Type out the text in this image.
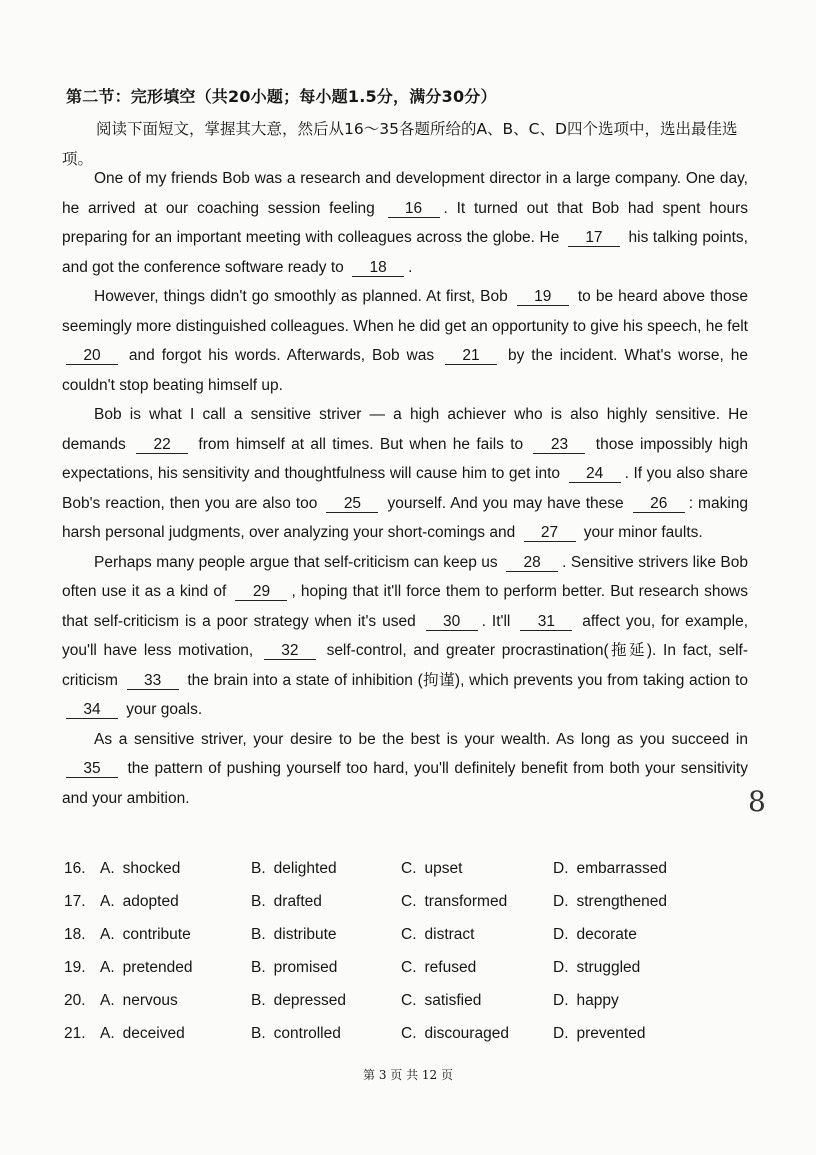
第二节：完形填空（共20小题；每小题1.5分，满分30分）
阅读下面短文，掌握其大意，然后从16～35各题所给的A、B、C、D四个选项中，选出最佳选项。

One of my friends Bob was a research and development director in a large company. One day, he arrived at our coaching session feeling 16 . It turned out that Bob had spent hours preparing for an important meeting with colleagues across the globe. He 17 his talking points, and got the conference software ready to 18 .

However, things didn't go smoothly as planned. At first, Bob 19 to be heard above those seemingly more distinguished colleagues. When he did get an opportunity to give his speech, he felt 20 and forgot his words. Afterwards, Bob was 21 by the incident. What's worse, he couldn't stop beating himself up.

Bob is what I call a sensitive striver — a high achiever who is also highly sensitive. He demands 22 from himself at all times. But when he fails to 23 those impossibly high expectations, his sensitivity and thoughtfulness will cause him to get into 24 . If you also share Bob's reaction, then you are also too 25 yourself. And you may have these 26 : making harsh personal judgments, over analyzing your short-comings and 27 your minor faults.

Perhaps many people argue that self-criticism can keep us 28 . Sensitive strivers like Bob often use it as a kind of 29 , hoping that it'll force them to perform better. But research shows that self-criticism is a poor strategy when it's used 30 . It'll 31 affect you, for example, you'll have less motivation, 32 self-control, and greater procrastination(拖延). In fact, self-criticism 33 the brain into a state of inhibition (拘谨), which prevents you from taking action to 34 your goals.

As a sensitive striver, your desire to be the best is your wealth. As long as you succeed in 35 the pattern of pushing yourself too hard, you'll definitely benefit from both your sensitivity and your ambition.	8
16. A. shocked	B. delighted	C. upset	D. embarrassed
17. A. adopted	B. drafted	C. transformed	D. strengthened
18. A. contribute	B. distribute	C. distract	D. decorate
19. A. pretended	B. promised	C. refused	D. struggled
20. A. nervous	B. depressed	C. satisfied	D. happy
21. A. deceived	B. controlled	C. discouraged	D. prevented
第 3 页 共 12 页
